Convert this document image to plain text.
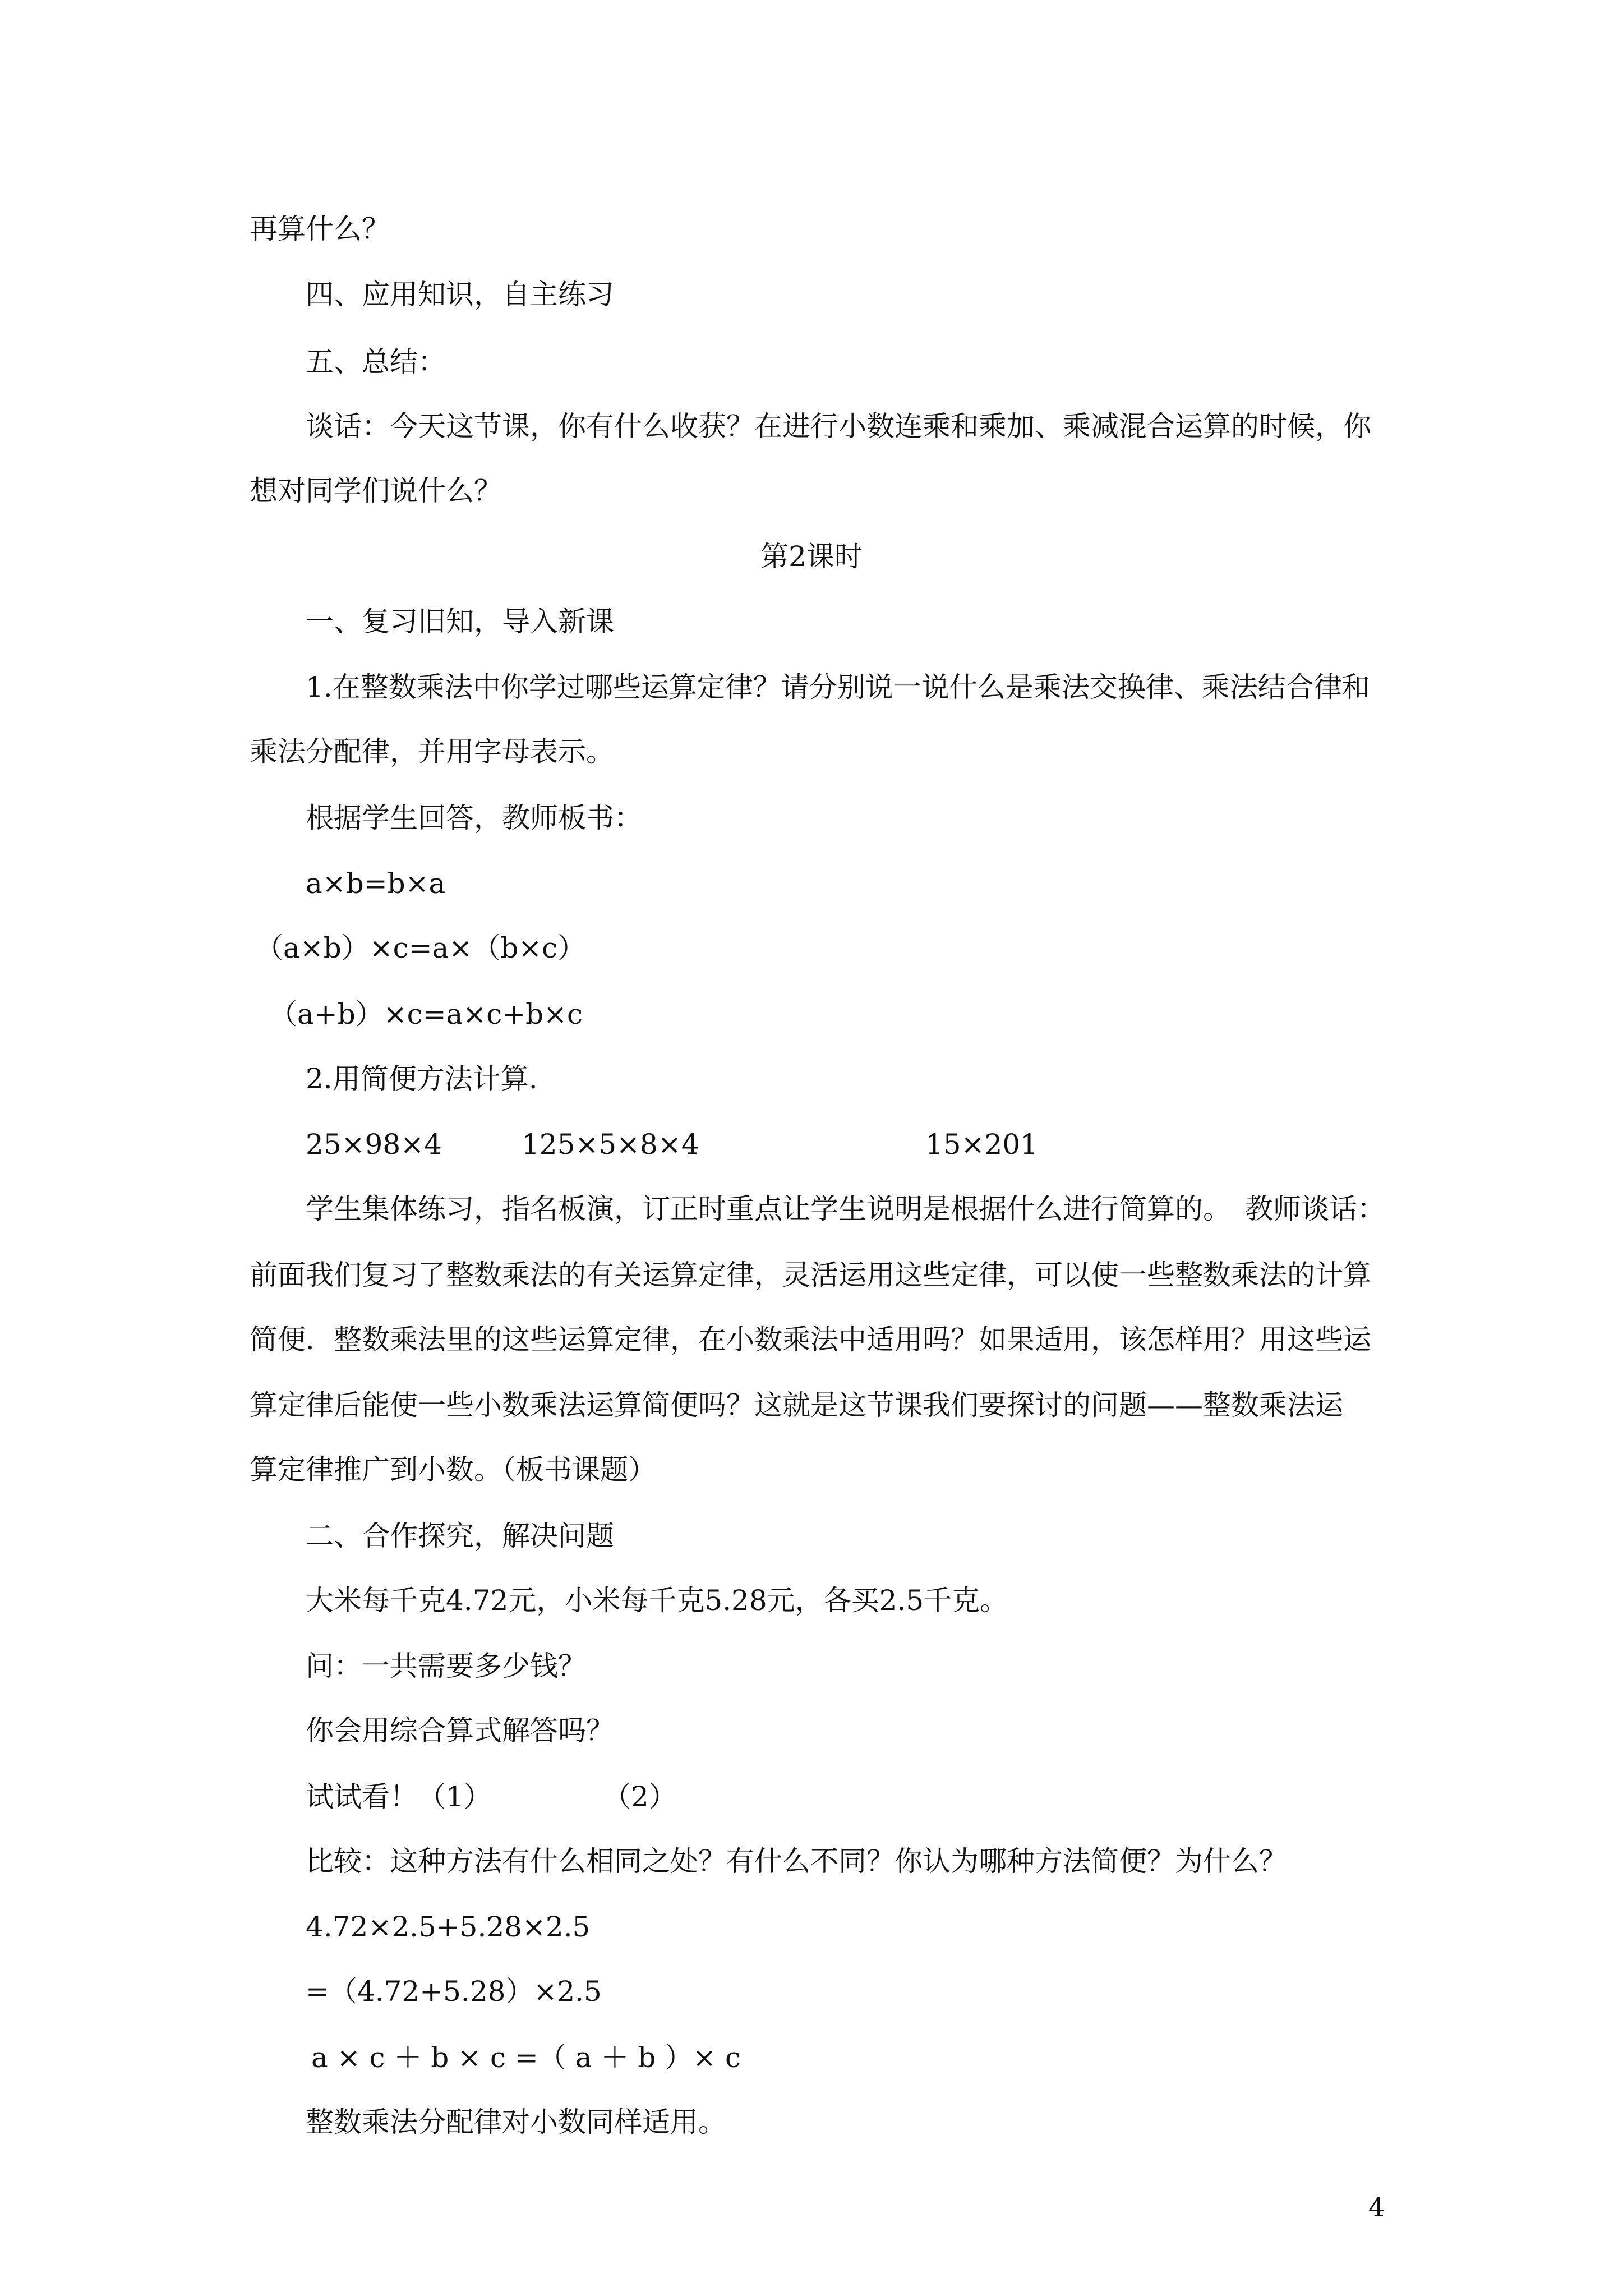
再算什么？
四、应用知识，自主练习
五、总结：
谈话：今天这节课，你有什么收获？在进行小数连乘和乘加、乘减混合运算的时候，你
想对同学们说什么？
第2课时
一、复习旧知，导入新课
1.在整数乘法中你学过哪些运算定律？请分别说一说什么是乘法交换律、乘法结合律和
乘法分配律，并用字母表示。
根据学生回答，教师板书：
a×b=b×a
（a×b）×c=a×（b×c）
（a+b）×c=a×c+b×c
2.用简便方法计算.
25×98×4	125×5×8×4	15×201
学生集体练习，指名板演，订正时重点让学生说明是根据什么进行简算的。　教师谈话：
前面我们复习了整数乘法的有关运算定律，灵活运用这些定律，可以使一些整数乘法的计算
简便．整数乘法里的这些运算定律，在小数乘法中适用吗？如果适用，该怎样用？用这些运
算定律后能使一些小数乘法运算简便吗？这就是这节课我们要探讨的问题——整数乘法运
算定律推广到小数。（板书课题）
二、合作探究，解决问题
大米每千克4.72元，小米每千克5.28元，各买2.5千克。
问：一共需要多少钱？
你会用综合算式解答吗？
试试看！（1）	（2）
比较：这种方法有什么相同之处？有什么不同？你认为哪种方法简便？为什么？
4.72×2.5+5.28×2.5
=（4.72+5.28）×2.5
a × c ＋ b × c =（ a ＋ b ）× c
整数乘法分配律对小数同样适用。
4
